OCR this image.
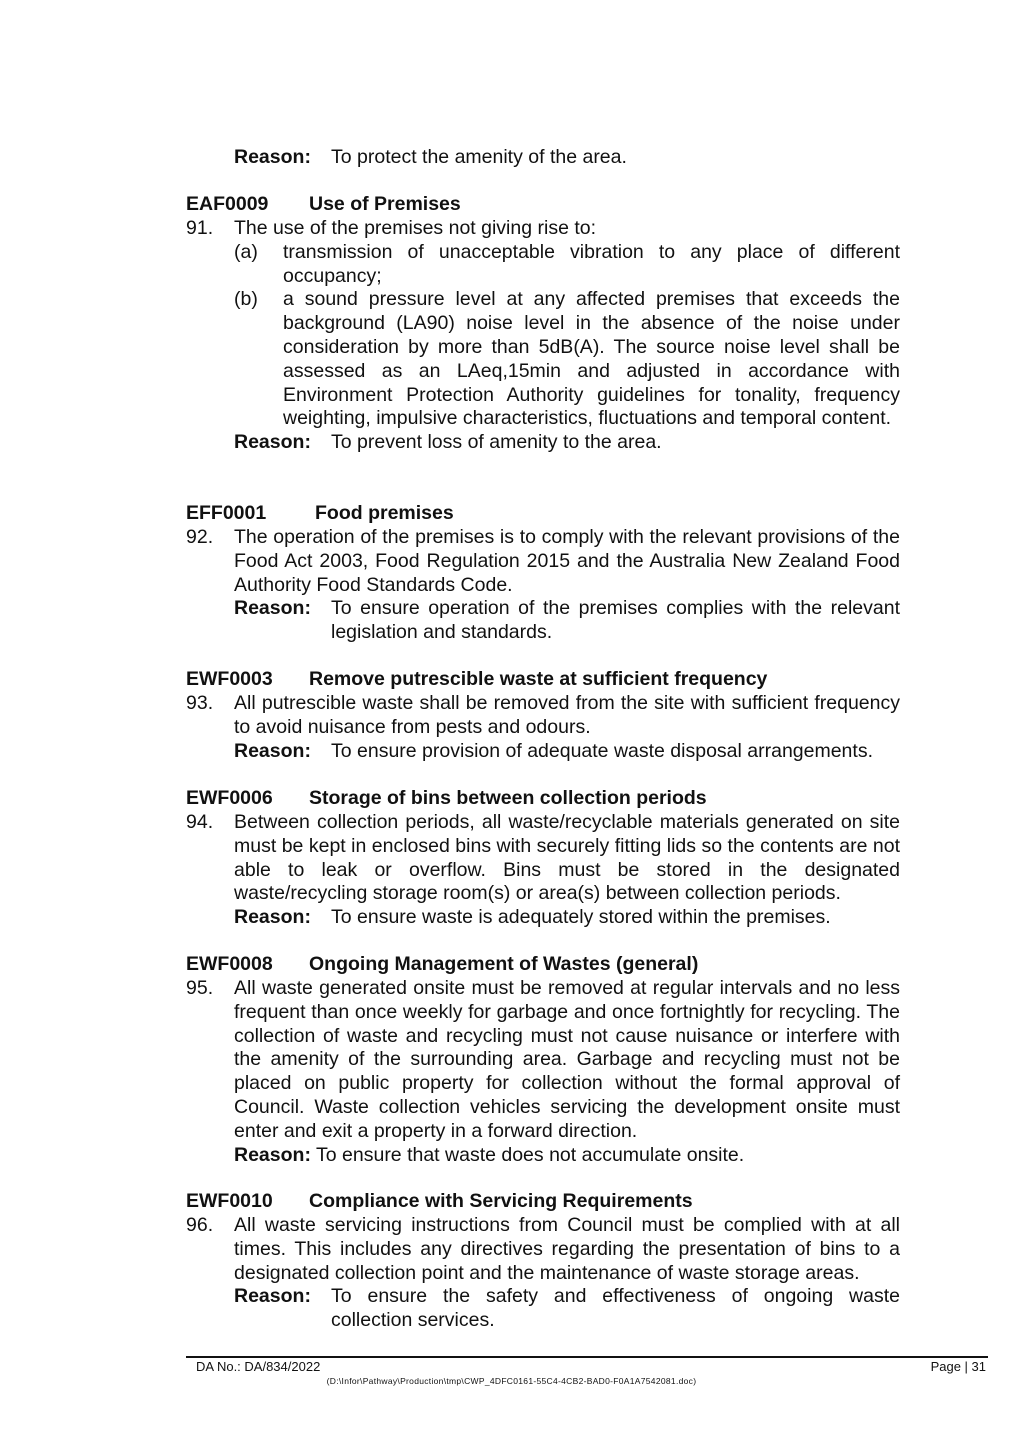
Reason: To protect the amenity of the area.
EAF0009 Use of Premises
91. The use of the premises not giving rise to:
(a) transmission of unacceptable vibration to any place of different occupancy;
(b) a sound pressure level at any affected premises that exceeds the background (LA90) noise level in the absence of the noise under consideration by more than 5dB(A). The source noise level shall be assessed as an LAeq,15min and adjusted in accordance with Environment Protection Authority guidelines for tonality, frequency weighting, impulsive characteristics, fluctuations and temporal content.
Reason: To prevent loss of amenity to the area.
EFF0001	Food premises
92. The operation of the premises is to comply with the relevant provisions of the Food Act 2003, Food Regulation 2015 and the Australia New Zealand Food Authority Food Standards Code.
Reason: To ensure operation of the premises complies with the relevant legislation and standards.
EWF0003 Remove putrescible waste at sufficient frequency
93. All putrescible waste shall be removed from the site with sufficient frequency to avoid nuisance from pests and odours.
Reason: To ensure provision of adequate waste disposal arrangements.
EWF0006 Storage of bins between collection periods
94. Between collection periods, all waste/recyclable materials generated on site must be kept in enclosed bins with securely fitting lids so the contents are not able to leak or overflow. Bins must be stored in the designated waste/recycling storage room(s) or area(s) between collection periods.
Reason: To ensure waste is adequately stored within the premises.
EWF0008 Ongoing Management of Wastes (general)
95. All waste generated onsite must be removed at regular intervals and no less frequent than once weekly for garbage and once fortnightly for recycling. The collection of waste and recycling must not cause nuisance or interfere with the amenity of the surrounding area. Garbage and recycling must not be placed on public property for collection without the formal approval of Council. Waste collection vehicles servicing the development onsite must enter and exit a property in a forward direction.
Reason: To ensure that waste does not accumulate onsite.
EWF0010 Compliance with Servicing Requirements
96. All waste servicing instructions from Council must be complied with at all times. This includes any directives regarding the presentation of bins to a designated collection point and the maintenance of waste storage areas.
Reason: To ensure the safety and effectiveness of ongoing waste collection services.
DA No.: DA/834/2022	Page | 31
(D:\Infor\Pathway\Production\tmp\CWP_4DFC0161-55C4-4CB2-BAD0-F0A1A7542081.doc)
